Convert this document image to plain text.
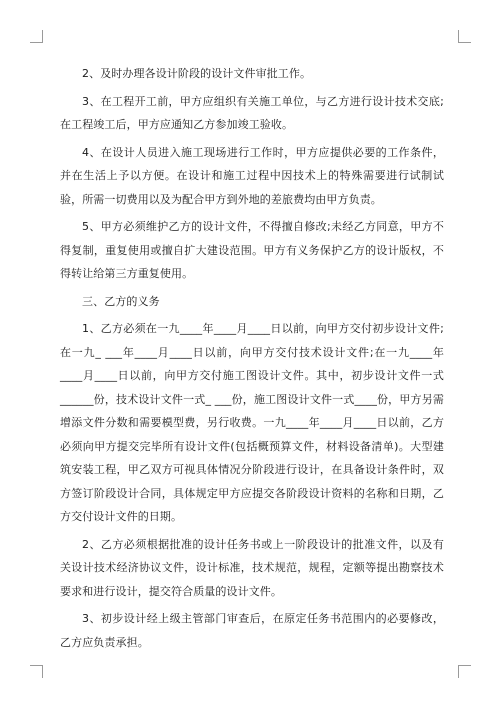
2、及时办理各设计阶段的设计文件审批工作。

3、在工程开工前，甲方应组织有关施工单位，与乙方进行设计技术交底;在工程竣工后，甲方应通知乙方参加竣工验收。

4、在设计人员进入施工现场进行工作时，甲方应提供必要的工作条件，并在生活上予以方便。在设计和施工过程中因技术上的特殊需要进行试制试验，所需一切费用以及为配合甲方到外地的差旅费均由甲方负责。

5、甲方必须维护乙方的设计文件，不得擅自修改;未经乙方同意，甲方不得复制，重复使用或擅自扩大建设范围。甲方有义务保护乙方的设计版权，不得转让给第三方重复使用。

三、乙方的义务

1、乙方必须在一九____年____月____日以前，向甲方交付初步设计文件;在一九_ ___年____月____日以前，向甲方交付技术设计文件;在一九____年____月____日以前，向甲方交付施工图设计文件。其中，初步设计文件一式______份，技术设计文件一式_ ___份，施工图设计文件一式____份，甲方另需增添文件分数和需要模型费，另行收费。一九____年____月____日以前，乙方必须向甲方提交完毕所有设计文件(包括概预算文件，材料设备清单)。大型建筑安装工程，甲乙双方可视具体情况分阶段进行设计，在具备设计条件时，双方签订阶段设计合同，具体规定甲方应提交各阶段设计资料的名称和日期，乙方交付设计文件的日期。

2、乙方必须根据批准的设计任务书或上一阶段设计的批准文件，以及有关设计技术经济协议文件，设计标准，技术规范，规程，定额等提出勘察技术要求和进行设计，提交符合质量的设计文件。

3、初步设计经上级主管部门审查后，在原定任务书范围内的必要修改，乙方应负责承担。
